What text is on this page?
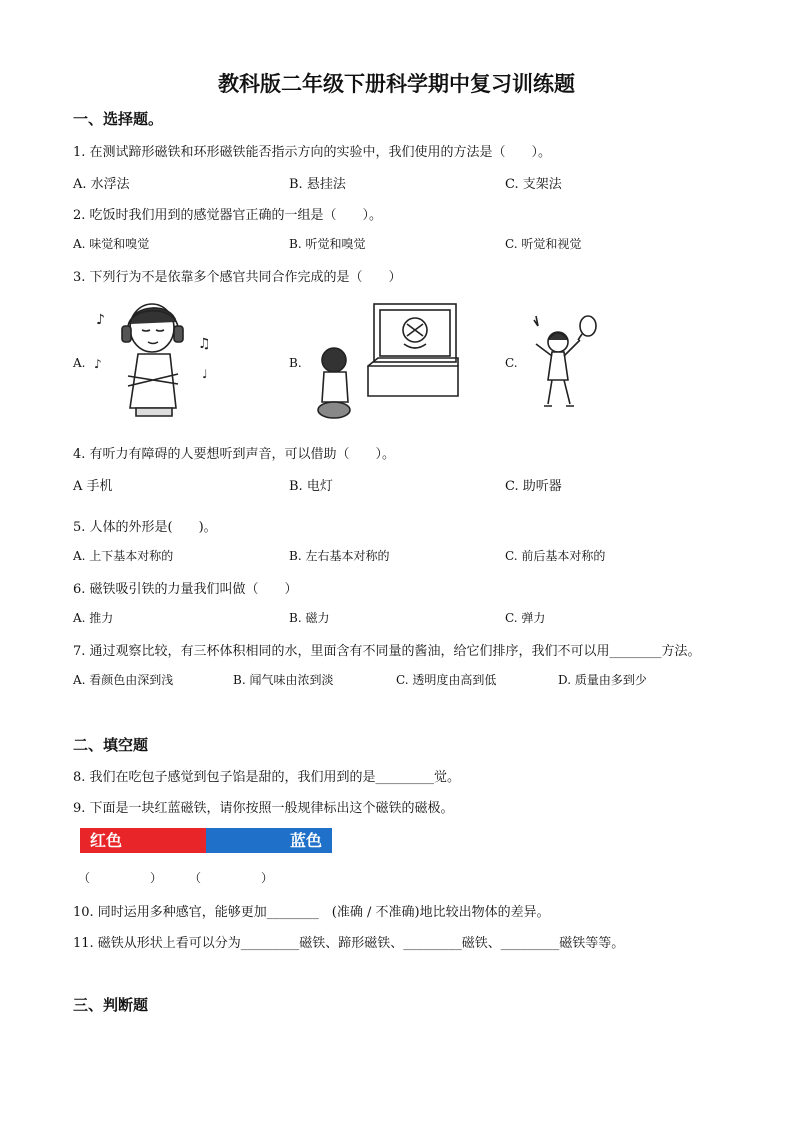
教科版二年级下册科学期中复习训练题
一、选择题。
1. 在测试蹄形磁铁和环形磁铁能否指示方向的实验中，我们使用的方法是（　　）。
A. 水浮法	B. 悬挂法	C. 支架法
2. 吃饭时我们用到的感觉器官正确的一组是（　　）。
A. 味觉和嗅觉	B. 听觉和嗅觉	C. 听觉和视觉
3. 下列行为不是依靠多个感官共同合作完成的是（　　）
A.	B.	C.
♪
♫
♪
♩
4. 有听力有障碍的人要想听到声音，可以借助（　　）。
A 手机	B. 电灯	C. 助听器
5. 人体的外形是(　　)。
A. 上下基本对称的	B. 左右基本对称的	C. 前后基本对称的
6. 磁铁吸引铁的力量我们叫做（　　）
A. 推力	B. 磁力	C. 弹力
7. 通过观察比较，有三杯体积相同的水，里面含有不同量的酱油，给它们排序，我们不可以用________方法。
A. 看颜色由深到浅	B. 闻气味由浓到淡	C. 透明度由高到低	D. 质量由多到少
二、填空题
8. 我们在吃包子感觉到包子馅是甜的，我们用到的是_________觉。
9. 下面是一块红蓝磁铁，请你按照一般规律标出这个磁铁的磁极。
红色	蓝色
（　　　　　） （　　　　　）
10. 同时运用多种感官，能够更加________　(准确 / 不准确)地比较出物体的差异。
11. 磁铁从形状上看可以分为_________磁铁、蹄形磁铁、_________磁铁、_________磁铁等等。
三、判断题
